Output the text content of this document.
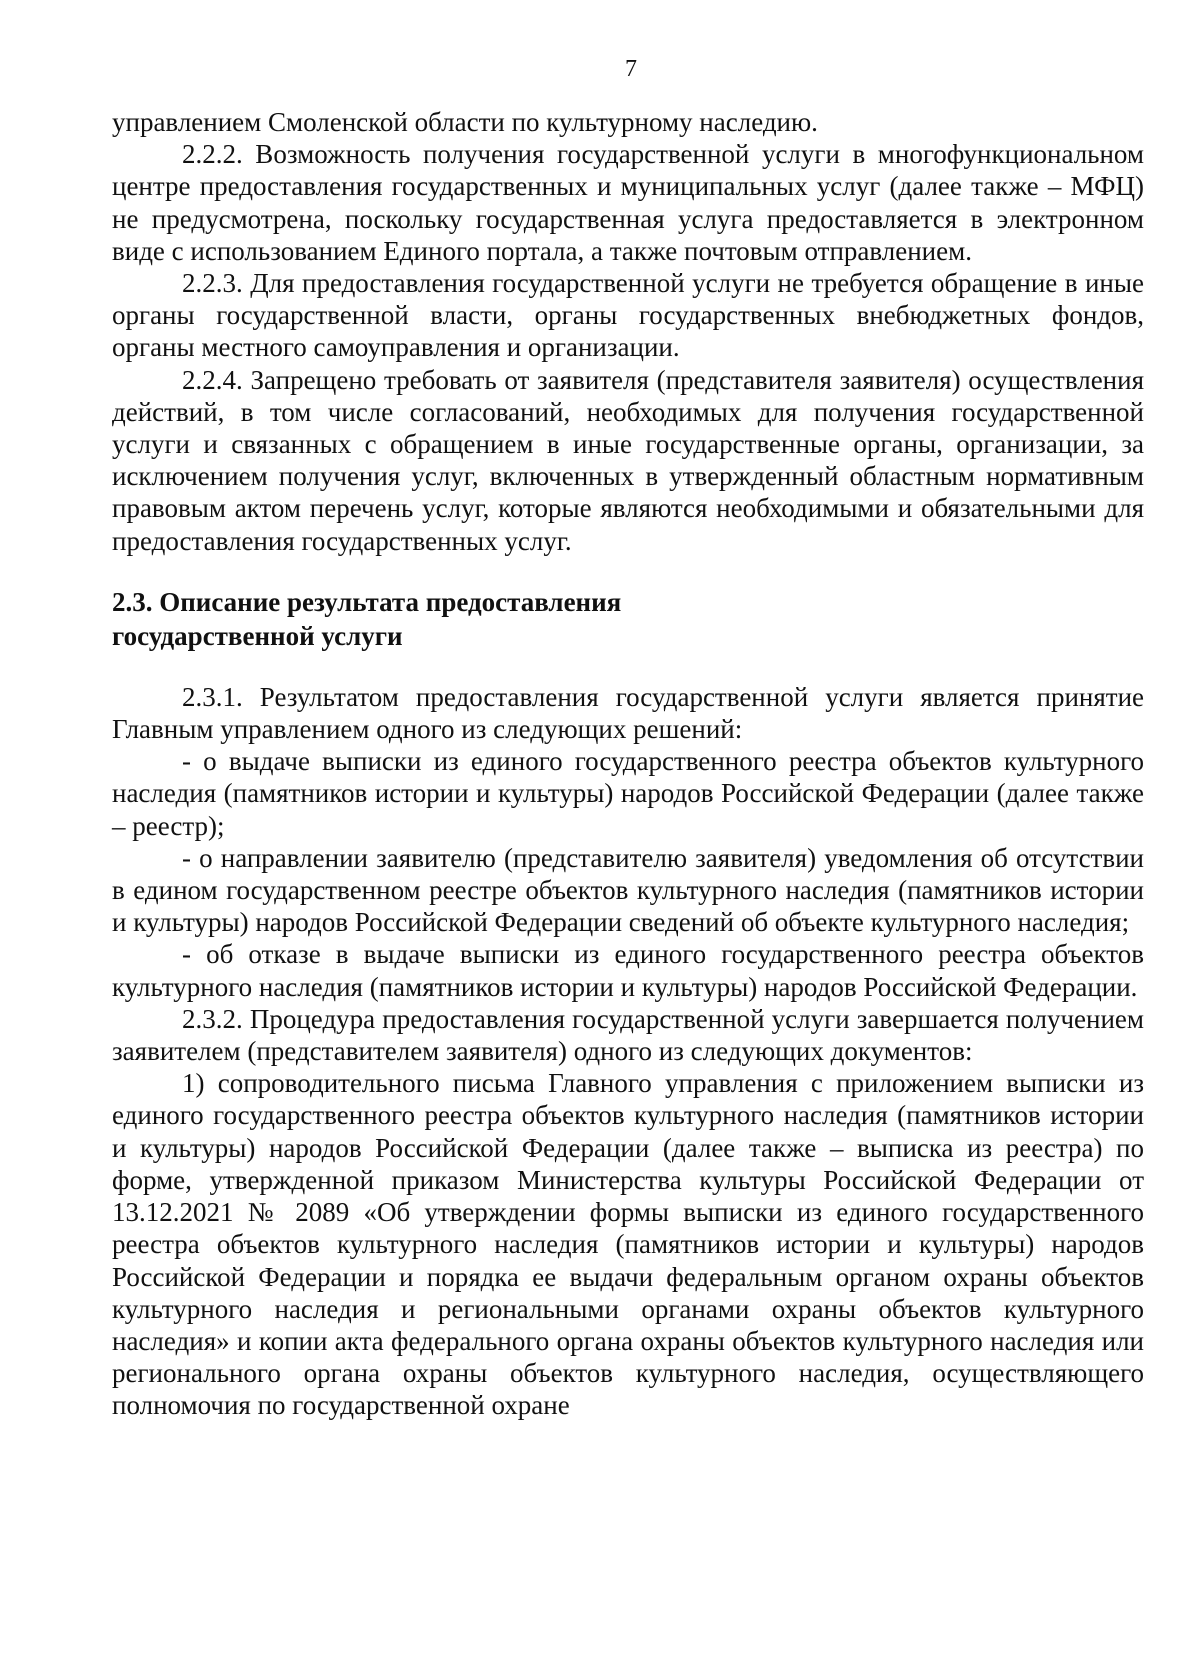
7

управлением Смоленской области по культурному наследию.

2.2.2. Возможность получения государственной услуги в многофункциональном центре предоставления государственных и муниципальных услуг (далее также – МФЦ) не предусмотрена, поскольку государственная услуга предоставляется в электронном виде с использованием Единого портала, а также почтовым отправлением.

2.2.3. Для предоставления государственной услуги не требуется обращение в иные органы государственной власти, органы государственных внебюджетных фондов, органы местного самоуправления и организации.

2.2.4. Запрещено требовать от заявителя (представителя заявителя) осуществления действий, в том числе согласований, необходимых для получения государственной услуги и связанных с обращением в иные государственные органы, организации, за исключением получения услуг, включенных в утвержденный областным нормативным правовым актом перечень услуг, которые являются необходимыми и обязательными для предоставления государственных услуг.

2.3. Описание результата предоставления

государственной услуги

2.3.1. Результатом предоставления государственной услуги является принятие Главным управлением одного из следующих решений:

- о выдаче выписки из единого государственного реестра объектов культурного наследия (памятников истории и культуры) народов Российской Федерации (далее также – реестр);

- о направлении заявителю (представителю заявителя) уведомления об отсутствии в едином государственном реестре объектов культурного наследия (памятников истории и культуры) народов Российской Федерации сведений об объекте культурного наследия;

- об отказе в выдаче выписки из единого государственного реестра объектов культурного наследия (памятников истории и культуры) народов Российской Федерации.

2.3.2. Процедура предоставления государственной услуги завершается получением заявителем (представителем заявителя) одного из следующих документов:

1) сопроводительного письма Главного управления с приложением выписки из единого государственного реестра объектов культурного наследия (памятников истории и культуры) народов Российской Федерации (далее также – выписка из реестра) по форме, утвержденной приказом Министерства культуры Российской Федерации от 13.12.2021 № 2089 «Об утверждении формы выписки из единого государственного реестра объектов культурного наследия (памятников истории и культуры) народов Российской Федерации и порядка ее выдачи федеральным органом охраны объектов культурного наследия и региональными органами охраны объектов культурного наследия» и копии акта федерального органа охраны объектов культурного наследия или регионального органа охраны объектов культурного наследия, осуществляющего полномочия по государственной охране
